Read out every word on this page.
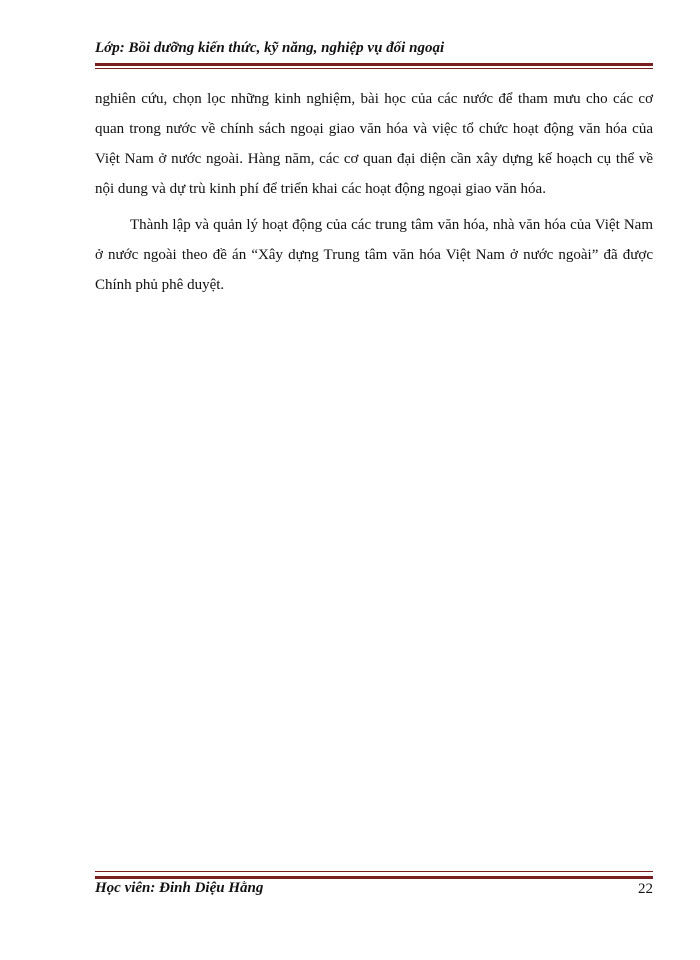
Lớp: Bồi dưỡng kiến thức, kỹ năng, nghiệp vụ đối ngoại

nghiên cứu, chọn lọc những kinh nghiệm, bài học của các nước để tham mưu cho các cơ quan trong nước về chính sách ngoại giao văn hóa và việc tổ chức hoạt động văn hóa của Việt Nam ở nước ngoài. Hàng năm, các cơ quan đại diện cần xây dựng kế hoạch cụ thể về nội dung và dự trù kinh phí để triển khai các hoạt động ngoại giao văn hóa.

Thành lập và quản lý hoạt động của các trung tâm văn hóa, nhà văn hóa của Việt Nam ở nước ngoài theo đề án “Xây dựng Trung tâm văn hóa Việt Nam ở nước ngoài” đã được Chính phủ phê duyệt.

Học viên: Đinh Diệu Hằng	22
